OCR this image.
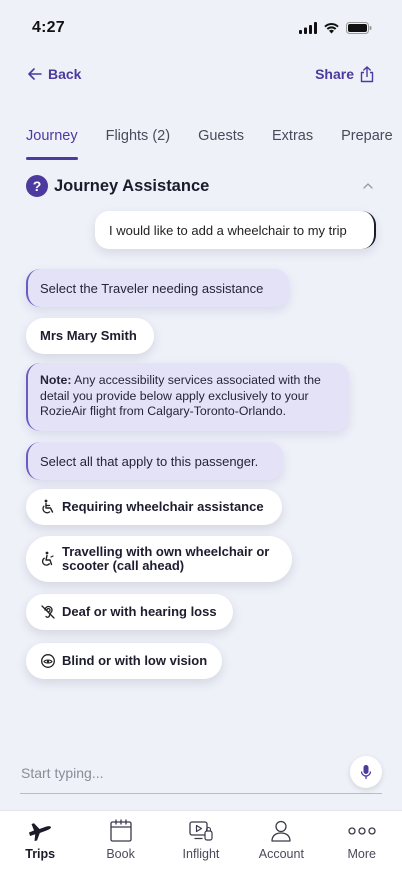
4:27
Back	Share
Journey Flights (2) Guests Extras Prepare
? Journey Assistance
I would like to add a wheelchair to my trip
Select the Traveler needing assistance
Mrs Mary Smith
Note: Any accessibility services associated with the detail you provide below apply exclusively to your RozieAir flight from Calgary-Toronto-Orlando.
Select all that apply to this passenger.
Requiring wheelchair assistance
Travelling with own wheelchair or scooter (call ahead)
Deaf or with hearing loss
Blind or with low vision
Start typing...
Trips	Book	Inflight	Account	More
